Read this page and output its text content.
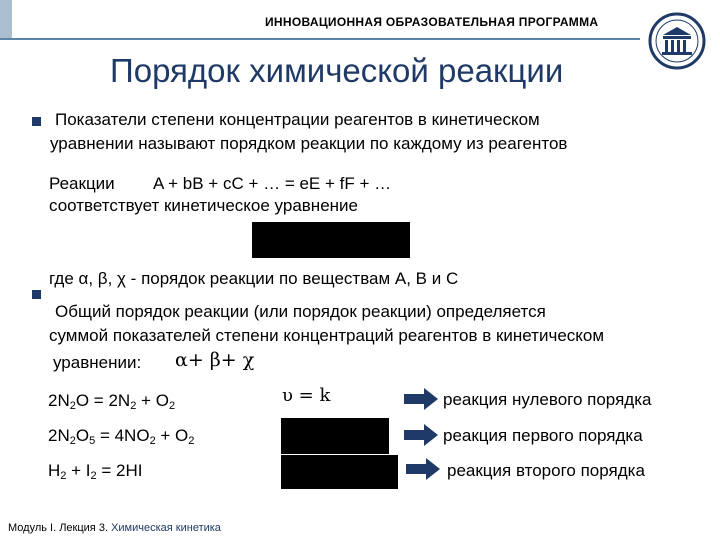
ИННОВАЦИОННАЯ ОБРАЗОВАТЕЛЬНАЯ ПРОГРАММА
Порядок химической реакции
Показатели степени концентрации реагентов в кинетическом
уравнении называют порядком реакции по каждому из реагентов
Реакции A + bB + cC + … = eE + fF + …
соответствует кинетическое уравнение
где α, β, χ - порядок реакции по веществам А, В и С
Общий порядок реакции (или порядок реакции) определяется
суммой показателей степени концентраций реагентов в кинетическом
уравнении: α+ β+ χ
$2N_2O = 2N_2 + O_2$	υ = k	реакция нулевого порядка
$2N_2O_5 = 4NO_2 + O_2$	реакция первого порядка
$H_2 + I_2 = 2HI$	реакция второго порядка
Модуль I. Лекция 3. Химическая кинетика
